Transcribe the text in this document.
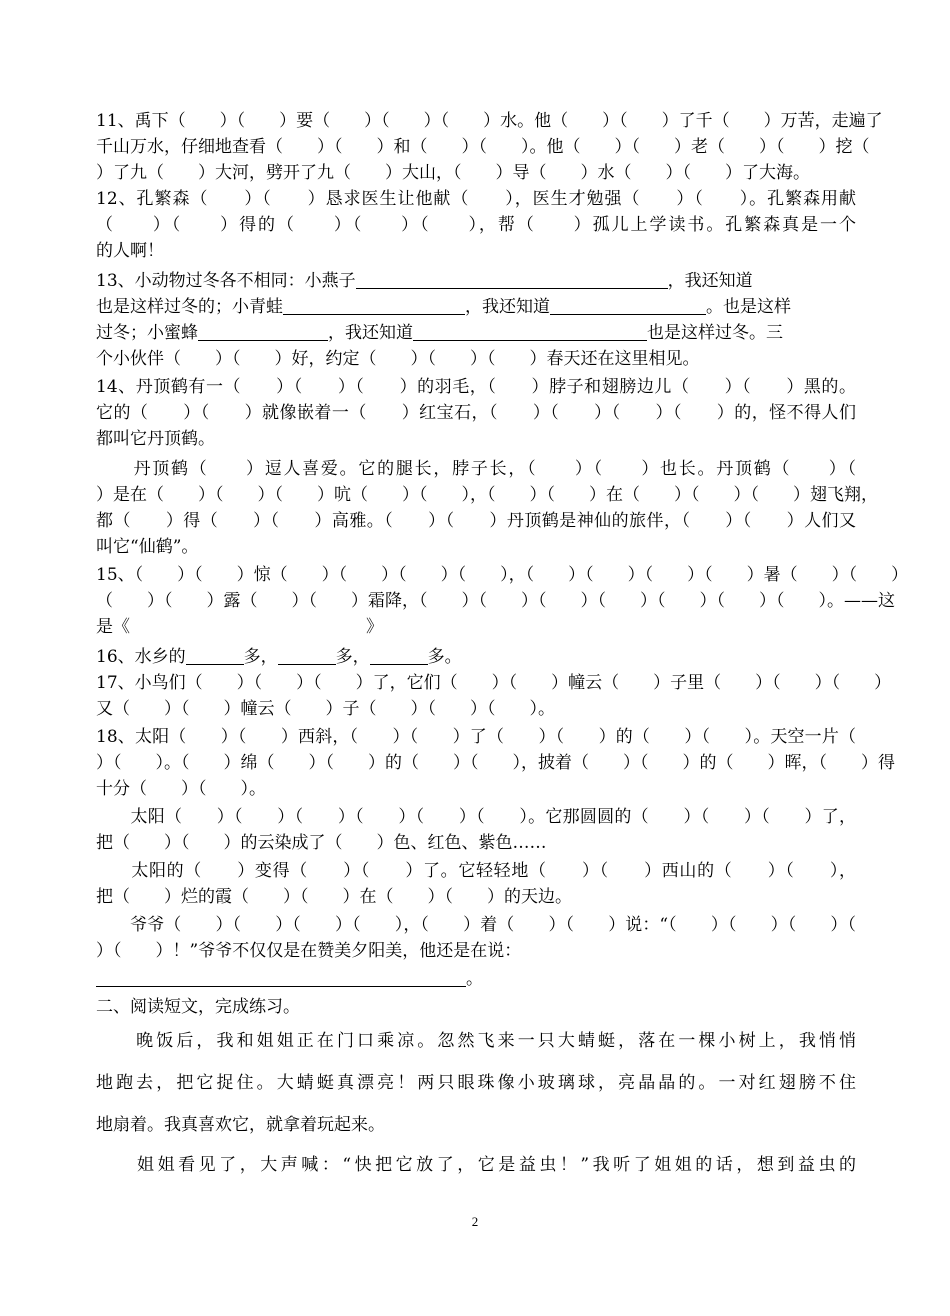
11、禹下（　　）（　　）要（　　）（　　）（　　）水。他（　　）（　　）了千（　　）万苦，走遍了
千山万水，仔细地查看（　　）（　　）和（　　）（　　）。他（　　）（　　）老（　　）（　　）挖（
）了九（　　）大河，劈开了九（　　）大山，（　　）导（　　）水（　　）（　　）了大海。
12、孔繁森（　　）（　　）恳求医生让他献（　　），医生才勉强（　　）（　　）。孔繁森用献
（　　）（　　）得的（　　）（　　）（　　），帮（　　）孤儿上学读书。孔繁森真是一个
的人啊！
13、小动物过冬各不相同：小燕子	，我还知道
也是这样过冬的；小青蛙	，我还知道	。也是这样
过冬；小蜜蜂	，我还知道	也是这样过冬。三
个小伙伴（　　）（　　）好，约定（　　）（　　）（　　）春天还在这里相见。
14、丹顶鹤有一（　　）（　　）（　　）的羽毛，（　　）脖子和翅膀边儿（　　）（　　）黑的。
它的（　　）（　　）就像嵌着一（　　）红宝石，（　　）（　　）（　　）（　　）的，怪不得人们
都叫它丹顶鹤。
　　丹顶鹤（　　）逗人喜爱。它的腿长，脖子长，（　　）（　　）也长。丹顶鹤（　　）（
）是在（　　）（　　）（　　）吭（　　）（　　），（　　）（　　）在（　　）（　　）（　　）翅飞翔，
都（　　）得（　　）（　　）高雅。（　　）（　　）丹顶鹤是神仙的旅伴，（　　）（　　）人们又
叫它“仙鹤”。
15、（　　）（　　）惊（　　）（　　）（　　）（　　），（　　）（　　）（　　）（　　）暑（　　）（　　）
（　　）（　　）露（　　）（　　）霜降，（　　）（　　）（　　）（　　）（　　）（　　）（　　）。——这
是《	》
16、水乡的	多，	多，	多。
17、小鸟们（　　）（　　）（　　）了，它们（　　）（　　）幢云（　　）子里（　　）（　　）（　　）
又（　　）（　　）幢云（　　）子（　　）（　　）（　　）。
18、太阳（　　）（　　）西斜，（　　）（　　）了（　　）（　　）的（　　）（　　）。天空一片（
）（　　）。（　　）绵（　　）（　　）的（　　）（　　），披着（　　）（　　）的（　　）晖，（　　）得
十分（　　）（　　）。
　　太阳（　　）（　　）（　　）（　　）（　　）（　　）。它那圆圆的（　　）（　　）（　　）了，
把（　　）（　　）的云染成了（　　）色、红色、紫色……
　　太阳的（　　）变得（　　）（　　）了。它轻轻地（　　）（　　）西山的（　　）（　　），
把（　　）烂的霞（　　）（　　）在（　　）（　　）的天边。
　　爷爷（　　）（　　）（　　）（　　），（　　）着（　　）（　　）说：“（　　）（　　）（　　）（
）（　　）！”爷爷不仅仅是在赞美夕阳美，他还是在说：
。
二、阅读短文，完成练习。
　　晚饭后，我和姐姐正在门口乘凉。忽然飞来一只大蜻蜓，落在一棵小树上，我悄悄
地跑去，把它捉住。大蜻蜓真漂亮！两只眼珠像小玻璃球，亮晶晶的。一对红翅膀不住
地扇着。我真喜欢它，就拿着玩起来。
　　姐姐看见了，大声喊：“快把它放了，它是益虫！”我听了姐姐的话，想到益虫的
2
